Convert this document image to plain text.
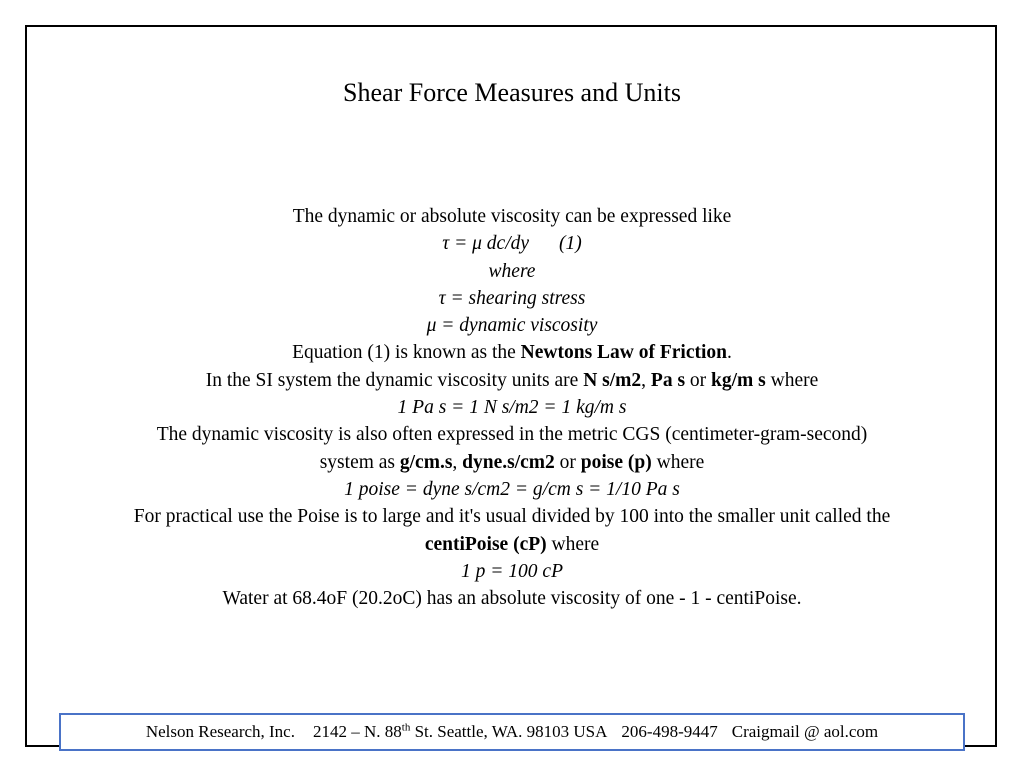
Shear Force Measures and Units
The dynamic or absolute viscosity can be expressed like
τ = μ dc/dy (1)
where
τ = shearing stress
μ = dynamic viscosity
Equation (1) is known as the Newtons Law of Friction.
In the SI system the dynamic viscosity units are N s/m2, Pa s or kg/m s where
1 Pa s = 1 N s/m2 = 1 kg/m s
The dynamic viscosity is also often expressed in the metric CGS (centimeter-gram-second) system as g/cm.s, dyne.s/cm2 or poise (p) where
1 poise = dyne s/cm2 = g/cm s = 1/10 Pa s
For practical use the Poise is to large and it's usual divided by 100 into the smaller unit called the centiPoise (cP) where
1 p = 100 cP
Water at 68.4oF (20.2oC) has an absolute viscosity of one - 1 - centiPoise.
Nelson Research, Inc. 2142 – N. 88th St. Seattle, WA. 98103 USA 206-498-9447 Craigmail @ aol.com
